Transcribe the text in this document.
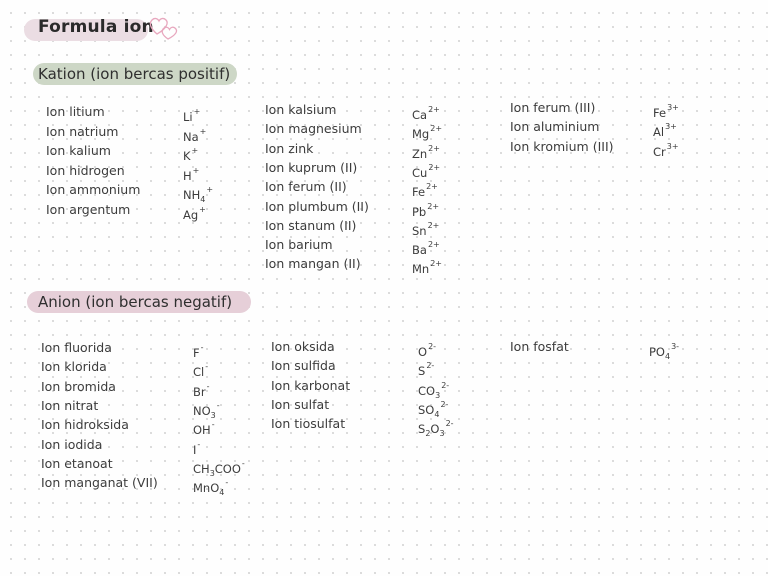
Formula ion
Kation (ion bercas positif)
Anion (ion bercas negatif)
Ion litium	Li+
Ion natrium	Na+
Ion kalium	K+
Ion hidrogen	H+
Ion ammonium	$NH_4^+$
Ion argentum	Ag+
Ion kalsium	$Ca^{2+}$
Ion magnesium	$Mg^{2+}$
Ion zink	$Zn^{2+}$
Ion kuprum (II)	$Cu^{2+}$
Ion ferum (II)	$Fe^{2+}$
Ion plumbum (II)	$Pb^{2+}$
Ion stanum (II)	$Sn^{2+}$
Ion barium	$Ba^{2+}$
Ion mangan (II)	$Mn^{2+}$
Ion ferum (III)	$Fe^{3+}$
Ion aluminium	$Al^{3+}$
Ion kromium (III)	$Cr^{3+}$
Ion fluorida	F-
Ion klorida	Cl-
Ion bromida	Br-
Ion nitrat	$NO_3^-$
Ion hidroksida	OH-
Ion iodida	I-
Ion etanoat	$CH_3COO^-$
Ion manganat (VII)	MnO$_4$-
Ion oksida	$O^{2-}$
Ion sulfida	$S^{2-}$
Ion karbonat	$CO_3^{2-}$
Ion sulfat	$SO_4^{2-}$
Ion tiosulfat	$S_2O_3^{2-}$
Ion fosfat	$PO_4^{3-}$
